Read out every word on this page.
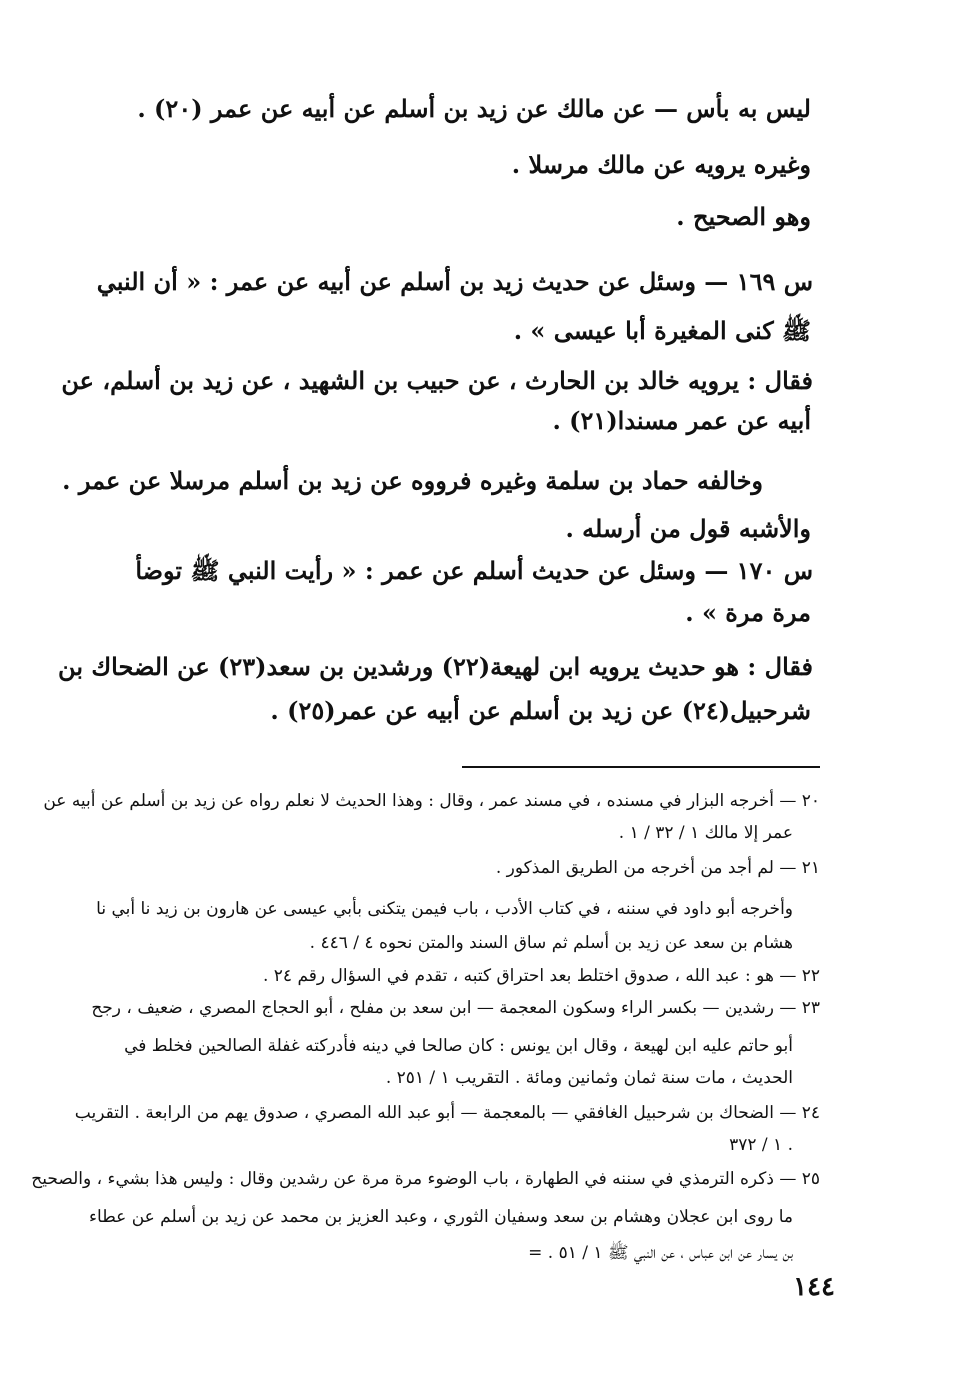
ليس به بأس — عن مالك عن زيد بن أسلم عن أبيه عن عمر (٢٠) .
وغيره يرويه عن مالك مرسلا .
وهو الصحيح .
س ١٦٩ — وسئل عن حديث زيد بن أسلم عن أبيه عن عمر : « أن النبي
ﷺ كنى المغيرة أبا عيسى » .
فقال : يرويه خالد بن الحارث ، عن حبيب بن الشهيد ، عن زيد بن أسلم، عن
أبيه عن عمر مسندا(٢١) .
وخالفه حماد بن سلمة وغيره فرووه عن زيد بن أسلم مرسلا عن عمر .
والأشبه قول من أرسله .
س ١٧٠ — وسئل عن حديث أسلم عن عمر : « رأيت النبي ﷺ توضأ
مرة مرة » .
فقال : هو حديث يرويه ابن لهيعة(٢٢) ورشدين بن سعد(٢٣) عن الضحاك بن
شرحبيل(٢٤) عن زيد بن أسلم عن أبيه عن عمر(٢٥) .
٢٠ — أخرجه البزار في مسنده ، في مسند عمر ، وقال : وهذا الحديث لا نعلم رواه عن زيد بن أسلم عن أبيه عن
عمر إلا مالك ١ / ٣٢ / ١ .
٢١ — لم أجد من أخرجه من الطريق المذكور .
وأخرجه أبو داود في سننه ، في كتاب الأدب ، باب فيمن يتكنى بأبي عيسى عن هارون بن زيد نا أبي نا
هشام بن سعد عن زيد بن أسلم ثم ساق السند والمتن نحوه ٤ / ٤٤٦ .
٢٢ — هو : عبد الله ، صدوق اختلط بعد احتراق كتبه ، تقدم في السؤال رقم ٢٤ .
٢٣ — رشدين — بكسر الراء وسكون المعجمة — ابن سعد بن مفلح ، أبو الحجاج المصري ، ضعيف ، رجح
أبو حاتم عليه ابن لهيعة ، وقال ابن يونس : كان صالحا في دينه فأدركته غفلة الصالحين فخلط في
الحديث ، مات سنة ثمان وثمانين ومائة . التقريب ١ / ٢٥١ .
٢٤ — الضحاك بن شرحبيل الغافقي — بالمعجمة — أبو عبد الله المصري ، صدوق يهم من الرابعة . التقريب
١ / ٣٧٢ .
٢٥ — ذكره الترمذي في سننه في الطهارة ، باب الوضوء مرة مرة عن رشدين وقال : وليس هذا بشيء ، والصحيح
ما روى ابن عجلان وهشام بن سعد وسفيان الثوري ، وعبد العزيز بن محمد عن زيد بن أسلم عن عطاء
بن يسار عن ابن عباس ، عن النبي ﷺ ١ / ٥١ . =
١٤٤
